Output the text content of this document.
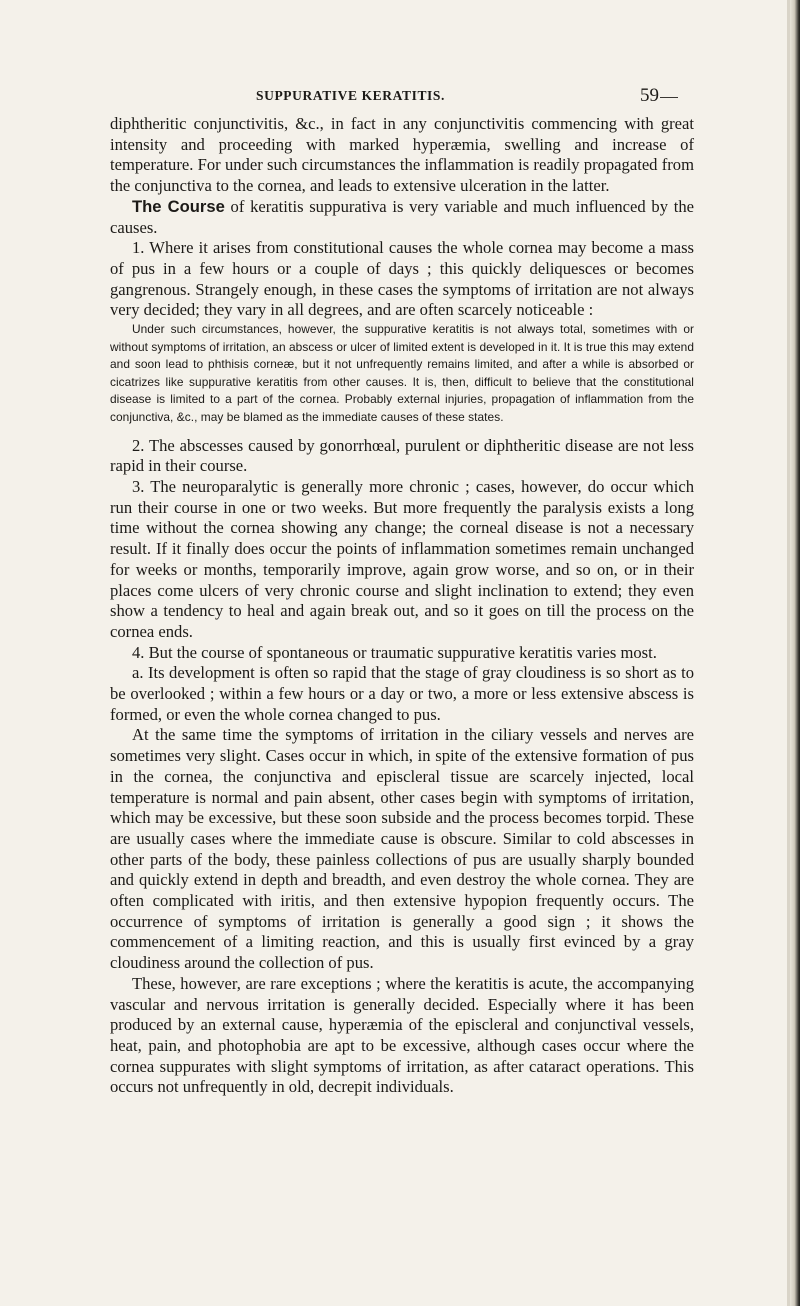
SUPPURATIVE KERATITIS.	59

diphtheritic conjunctivitis, &c., in fact in any conjunctivitis commencing with great intensity and proceeding with marked hyperæmia, swelling and increase of temperature. For under such circumstances the inflammation is readily propagated from the conjunctiva to the cornea, and leads to extensive ulceration in the latter.

The Course of keratitis suppurativa is very variable and much influenced by the causes.

1. Where it arises from constitutional causes the whole cornea may become a mass of pus in a few hours or a couple of days ; this quickly deliquesces or becomes gangrenous. Strangely enough, in these cases the symptoms of irritation are not always very decided; they vary in all degrees, and are often scarcely noticeable :

Under such circumstances, however, the suppurative keratitis is not always total, sometimes with or without symptoms of irritation, an abscess or ulcer of limited extent is developed in it. It is true this may extend and soon lead to phthisis corneæ, but it not unfrequently remains limited, and after a while is absorbed or cicatrizes like suppurative keratitis from other causes. It is, then, difficult to believe that the constitutional disease is limited to a part of the cornea. Probably external injuries, propagation of inflammation from the conjunctiva, &c., may be blamed as the immediate causes of these states.

2. The abscesses caused by gonorrhœal, purulent or diphtheritic disease are not less rapid in their course.

3. The neuroparalytic is generally more chronic ; cases, however, do occur which run their course in one or two weeks. But more frequently the paralysis exists a long time without the cornea showing any change; the corneal disease is not a necessary result. If it finally does occur the points of inflammation sometimes remain unchanged for weeks or months, temporarily improve, again grow worse, and so on, or in their places come ulcers of very chronic course and slight inclination to extend; they even show a tendency to heal and again break out, and so it goes on till the process on the cornea ends.

4. But the course of spontaneous or traumatic suppurative keratitis varies most.

a. Its development is often so rapid that the stage of gray cloudiness is so short as to be overlooked ; within a few hours or a day or two, a more or less extensive abscess is formed, or even the whole cornea changed to pus.

At the same time the symptoms of irritation in the ciliary vessels and nerves are sometimes very slight. Cases occur in which, in spite of the extensive formation of pus in the cornea, the conjunctiva and episcleral tissue are scarcely injected, local temperature is normal and pain absent, other cases begin with symptoms of irritation, which may be excessive, but these soon subside and the process becomes torpid. These are usually cases where the immediate cause is obscure. Similar to cold abscesses in other parts of the body, these painless collections of pus are usually sharply bounded and quickly extend in depth and breadth, and even destroy the whole cornea. They are often complicated with iritis, and then extensive hypopion frequently occurs. The occurrence of symptoms of irritation is generally a good sign ; it shows the commencement of a limiting reaction, and this is usually first evinced by a gray cloudiness around the collection of pus.

These, however, are rare exceptions ; where the keratitis is acute, the accompanying vascular and nervous irritation is generally decided. Especially where it has been produced by an external cause, hyperæmia of the episcleral and conjunctival vessels, heat, pain, and photophobia are apt to be excessive, although cases occur where the cornea suppurates with slight symptoms of irritation, as after cataract operations. This occurs not unfrequently in old, decrepit individuals.
